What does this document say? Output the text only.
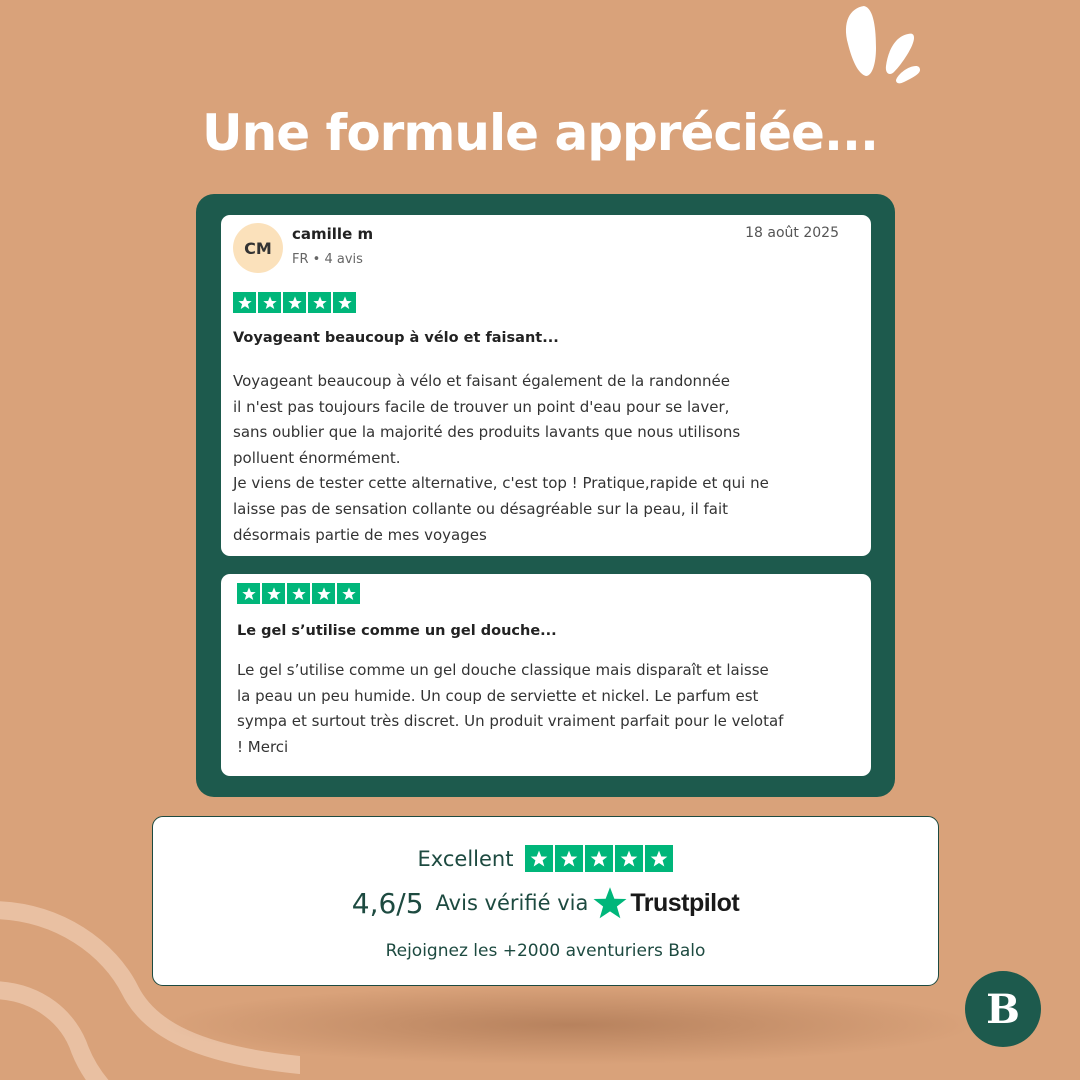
Une formule appréciée...
CM
camille m
FR • 4 avis
18 août 2025
Voyageant beaucoup à vélo et faisant...
Voyageant beaucoup à vélo et faisant également de la randonnée
il n'est pas toujours facile de trouver un point d'eau pour se laver,
sans oublier que la majorité des produits lavants que nous utilisons
polluent énormément.
Je viens de tester cette alternative, c'est top ! Pratique,rapide et qui ne
laisse pas de sensation collante ou désagréable sur la peau, il fait
désormais partie de mes voyages
Le gel s’utilise comme un gel douche...
Le gel s’utilise comme un gel douche classique mais disparaît et laisse
la peau un peu humide. Un coup de serviette et nickel. Le parfum est
sympa et surtout très discret. Un produit vraiment parfait pour le velotaf
! Merci
Excellent
4,6/5 Avis vérifié via Trustpilot
Rejoignez les +2000 aventuriers Balo
B
